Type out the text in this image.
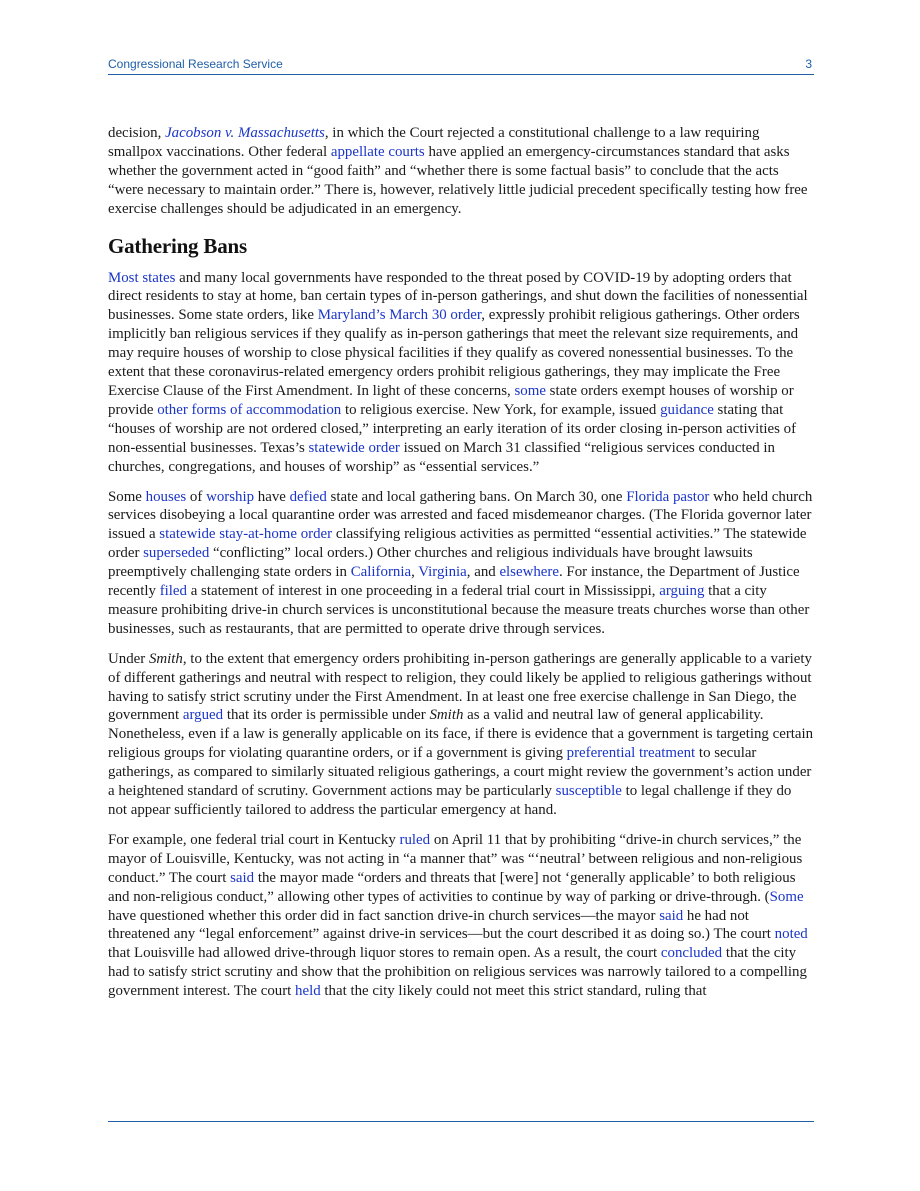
Congressional Research Service	3

decision, Jacobson v. Massachusetts, in which the Court rejected a constitutional challenge to a law requiring smallpox vaccinations. Other federal appellate courts have applied an emergency-circumstances standard that asks whether the government acted in “good faith” and “whether there is some factual basis” to conclude that the acts “were necessary to maintain order.” There is, however, relatively little judicial precedent specifically testing how free exercise challenges should be adjudicated in an emergency.

Gathering Bans

Most states and many local governments have responded to the threat posed by COVID-19 by adopting orders that direct residents to stay at home, ban certain types of in-person gatherings, and shut down the facilities of nonessential businesses. Some state orders, like Maryland’s March 30 order, expressly prohibit religious gatherings. Other orders implicitly ban religious services if they qualify as in-person gatherings that meet the relevant size requirements, and may require houses of worship to close physical facilities if they qualify as covered nonessential businesses. To the extent that these coronavirus-related emergency orders prohibit religious gatherings, they may implicate the Free Exercise Clause of the First Amendment. In light of these concerns, some state orders exempt houses of worship or provide other forms of accommodation to religious exercise. New York, for example, issued guidance stating that “houses of worship are not ordered closed,” interpreting an early iteration of its order closing in-person activities of non-essential businesses. Texas’s statewide order issued on March 31 classified “religious services conducted in churches, congregations, and houses of worship” as “essential services.”

Some houses of worship have defied state and local gathering bans. On March 30, one Florida pastor who held church services disobeying a local quarantine order was arrested and faced misdemeanor charges. (The Florida governor later issued a statewide stay-at-home order classifying religious activities as permitted “essential activities.” The statewide order superseded “conflicting” local orders.) Other churches and religious individuals have brought lawsuits preemptively challenging state orders in California, Virginia, and elsewhere. For instance, the Department of Justice recently filed a statement of interest in one proceeding in a federal trial court in Mississippi, arguing that a city measure prohibiting drive-in church services is unconstitutional because the measure treats churches worse than other businesses, such as restaurants, that are permitted to operate drive through services.

Under Smith, to the extent that emergency orders prohibiting in-person gatherings are generally applicable to a variety of different gatherings and neutral with respect to religion, they could likely be applied to religious gatherings without having to satisfy strict scrutiny under the First Amendment. In at least one free exercise challenge in San Diego, the government argued that its order is permissible under Smith as a valid and neutral law of general applicability. Nonetheless, even if a law is generally applicable on its face, if there is evidence that a government is targeting certain religious groups for violating quarantine orders, or if a government is giving preferential treatment to secular gatherings, as compared to similarly situated religious gatherings, a court might review the government’s action under a heightened standard of scrutiny. Government actions may be particularly susceptible to legal challenge if they do not appear sufficiently tailored to address the particular emergency at hand.

For example, one federal trial court in Kentucky ruled on April 11 that by prohibiting “drive-in church services,” the mayor of Louisville, Kentucky, was not acting in “a manner that” was “‘neutral’ between religious and non-religious conduct.” The court said the mayor made “orders and threats that [were] not ‘generally applicable’ to both religious and non-religious conduct,” allowing other types of activities to continue by way of parking or drive-through. (Some have questioned whether this order did in fact sanction drive-in church services—the mayor said he had not threatened any “legal enforcement” against drive-in services—but the court described it as doing so.) The court noted that Louisville had allowed drive-through liquor stores to remain open. As a result, the court concluded that the city had to satisfy strict scrutiny and show that the prohibition on religious services was narrowly tailored to a compelling government interest. The court held that the city likely could not meet this strict standard, ruling that
